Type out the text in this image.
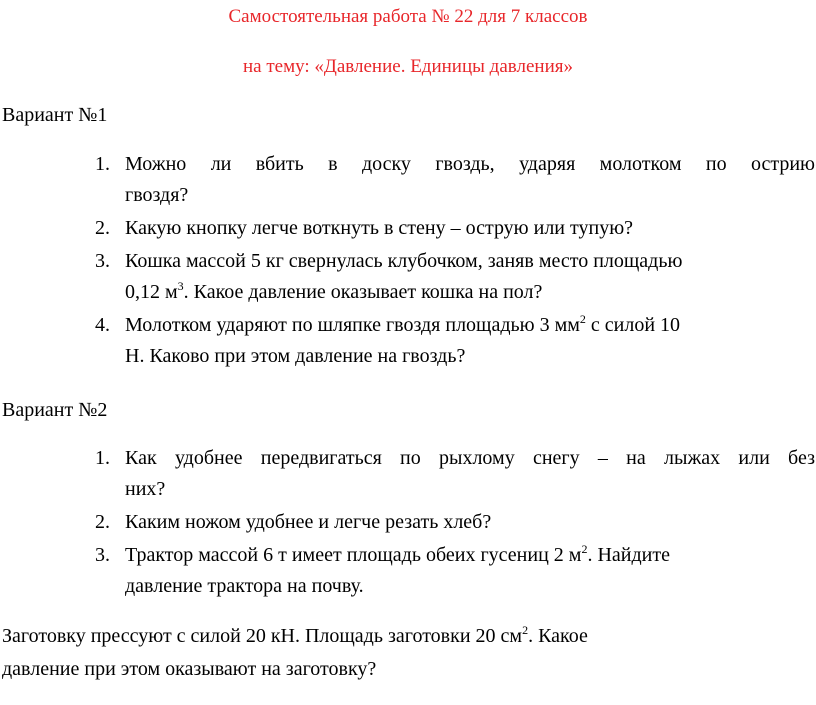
Самостоятельная работа № 22 для 7 классов
на тему: «Давление. Единицы давления»
Вариант №1
1. Можно ли вбить в доску гвоздь, ударяя молотком по острию
гвоздя?
2. Какую кнопку легче воткнуть в стену – острую или тупую?
3. Кошка массой 5 кг свернулась клубочком, заняв место площадью
0,12 $м^3$. Какое давление оказывает кошка на пол?
4. Молотком ударяют по шляпке гвоздя площадью 3 $мм^2$ с силой 10
Н. Каково при этом давление на гвоздь?
Вариант №2
1. Как удобнее передвигаться по рыхлому снегу – на лыжах или без
них?
2. Каким ножом удобнее и легче резать хлеб?
3. Трактор массой 6 т имеет площадь обеих гусениц 2 $м^2$. Найдите
давление трактора на почву.
Заготовку прессуют с силой 20 кН. Площадь заготовки 20 $см^2$. Какое
давление при этом оказывают на заготовку?
